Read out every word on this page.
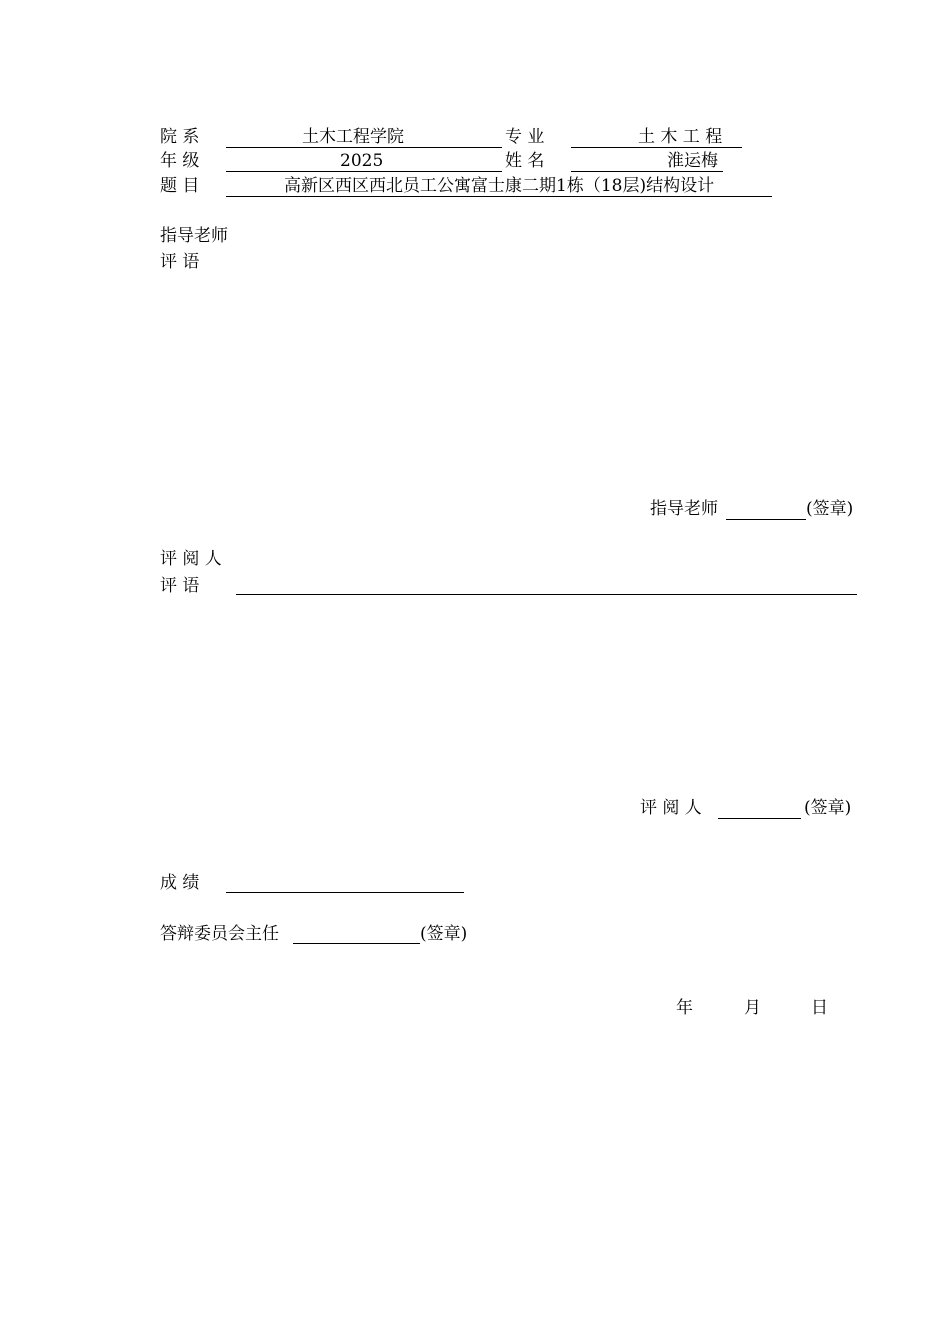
院 系	土木工程学院	专 业	土 木 工 程
年 级	2025	姓 名	淮运梅
题 目	高新区西区西北员工公寓富士康二期1栋（18层)结构设计
指导老师
评 语
指导老师	(签章)
评 阅 人
评 语
评 阅 人	(签章)
成 绩
答辩委员会主任	(签章)
年	月	日
